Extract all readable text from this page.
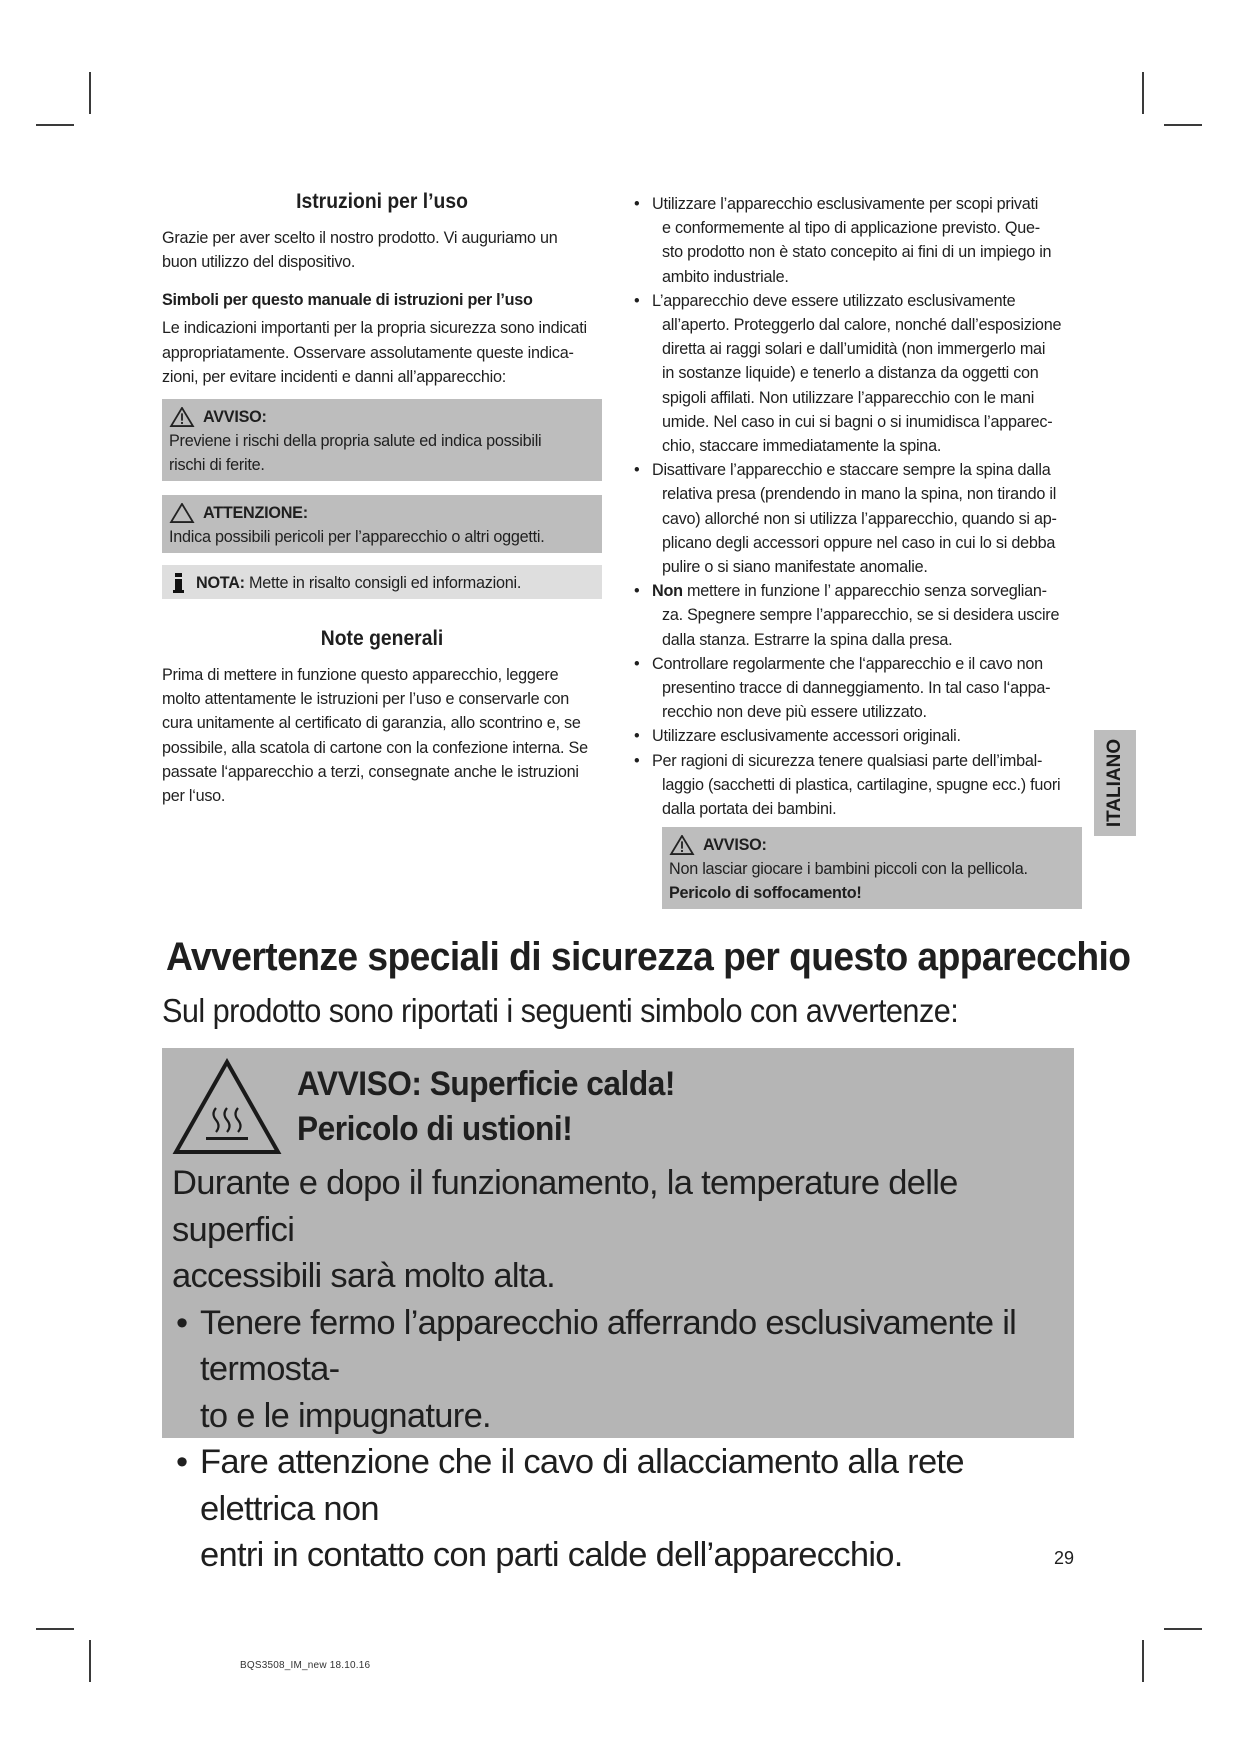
Istruzioni per l’uso

Grazie per aver scelto il nostro prodotto. Vi auguriamo un

buon utilizzo del dispositivo.

Simboli per questo manuale di istruzioni per l’uso

Le indicazioni importanti per la propria sicurezza sono indicati

appropriatamente. Osservare assolutamente queste indica-

zioni, per evitare incidenti e danni all’apparecchio:

AVVISO:
Previene i rischi della propria salute ed indica possibili
rischi di ferite.
ATTENZIONE:
Indica possibili pericoli per l’apparecchio o altri oggetti.
NOTA: Mette in risalto consigli ed informazioni.
Note generali

Prima di mettere in funzione questo apparecchio, leggere

molto attentamente le istruzioni per l’uso e conservarle con

cura unitamente al certificato di garanzia, allo scontrino e, se

possibile, alla scatola di cartone con la confezione interna. Se

passate l‘apparecchio a terzi, consegnate anche le istruzioni

per l‘uso.

• Utilizzare l’apparecchio esclusivamente per scopi privati
e conformemente al tipo di applicazione previsto. Que-
sto prodotto non è stato concepito ai fini di un impiego in
ambito industriale.
• L’apparecchio deve essere utilizzato esclusivamente
all’aperto. Proteggerlo dal calore, nonché dall’esposizione
diretta ai raggi solari e dall’umidità (non immergerlo mai
in sostanze liquide) e tenerlo a distanza da oggetti con
spigoli affilati. Non utilizzare l’apparecchio con le mani
umide. Nel caso in cui si bagni o si inumidisca l’apparec-
chio, staccare immediatamente la spina.
• Disattivare l’apparecchio e staccare sempre la spina dalla
relativa presa (prendendo in mano la spina, non tirando il
cavo) allorché non si utilizza l’apparecchio, quando si ap-
plicano degli accessori oppure nel caso in cui lo si debba
pulire o si siano manifestate anomalie.
• Non mettere in funzione l’ apparecchio senza sorveglian-
za. Spegnere sempre l’apparecchio, se si desidera uscire
dalla stanza. Estrarre la spina dalla presa.
• Controllare regolarmente che l‘apparecchio e il cavo non
presentino tracce di danneggiamento. In tal caso l‘appa-
recchio non deve più essere utilizzato.
• Utilizzare esclusivamente accessori originali.
• Per ragioni di sicurezza tenere qualsiasi parte dell’imbal-
laggio (sacchetti di plastica, cartilagine, spugne ecc.) fuori
dalla portata dei bambini.
AVVISO:
Non lasciar giocare i bambini piccoli con la pellicola.
Pericolo di soffocamento!
ITALIANO
Avvertenze speciali di sicurezza per questo apparecchio

Sul prodotto sono riportati i seguenti simbolo con avvertenze:

AVVISO: Superficie calda!
Pericolo di ustioni!

Durante e dopo il funzionamento, la temperature delle superfici

accessibili sarà molto alta.

• Tenere fermo l’apparecchio afferrando esclusivamente il termosta-
to e le impugnature.
• Fare attenzione che il cavo di allacciamento alla rete elettrica non
entri in contatto con parti calde dell’apparecchio.	29
BQS3508_IM_new 18.10.16
